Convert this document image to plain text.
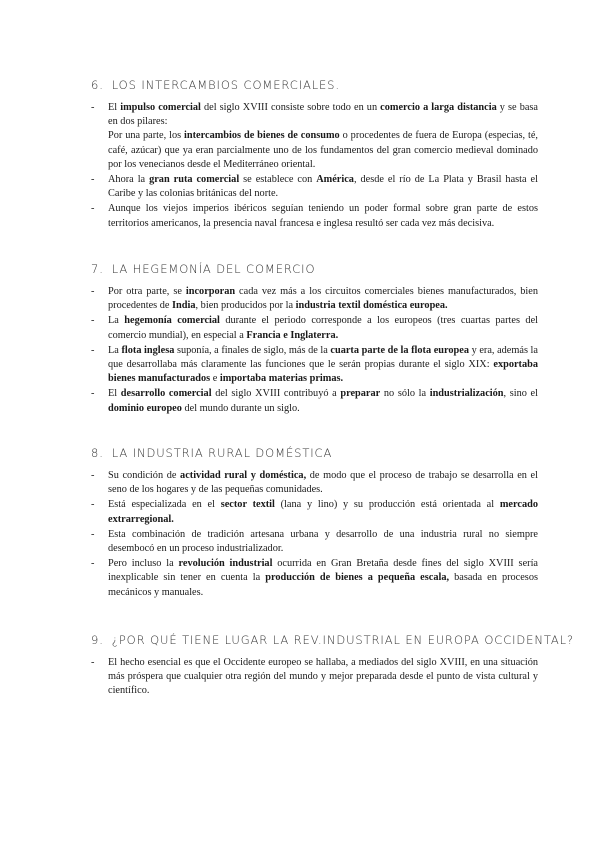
6. LOS INTERCAMBIOS COMERCIALES.
- El impulso comercial del siglo XVIII consiste sobre todo en un comercio a larga distancia y se basa en dos pilares:

Por una parte, los intercambios de bienes de consumo o procedentes de fuera de Europa (especias, té, café, azúcar) que ya eran parcialmente uno de los fundamentos del gran comercio medieval dominado por los venecianos desde el Mediterráneo oriental.

- Ahora la gran ruta comercial se establece con América, desde el río de La Plata y Brasil hasta el Caribe y las colonias británicas del norte.

- Aunque los viejos imperios ibéricos seguían teniendo un poder formal sobre gran parte de estos territorios americanos, la presencia naval francesa e inglesa resultó ser cada vez más decisiva.

7. LA HEGEMONÍA DEL COMERCIO
- Por otra parte, se incorporan cada vez más a los circuitos comerciales bienes manufacturados, bien procedentes de India, bien producidos por la industria textil doméstica europea.

- La hegemonía comercial durante el periodo corresponde a los europeos (tres cuartas partes del comercio mundial), en especial a Francia e Inglaterra.

- La flota inglesa suponía, a finales de siglo, más de la cuarta parte de la flota europea y era, además la que desarrollaba más claramente las funciones que le serán propias durante el siglo XIX: exportaba bienes manufacturados e importaba materias primas.

- El desarrollo comercial del siglo XVIII contribuyó a preparar no sólo la industrialización, sino el dominio europeo del mundo durante un siglo.

8. LA INDUSTRIA RURAL DOMÉSTICA
- Su condición de actividad rural y doméstica, de modo que el proceso de trabajo se desarrolla en el seno de los hogares y de las pequeñas comunidades.

- Está especializada en el sector textil (lana y lino) y su producción está orientada al mercado extrarregional.

- Esta combinación de tradición artesana urbana y desarrollo de una industria rural no siempre desembocó en un proceso industrializador.

- Pero incluso la revolución industrial ocurrida en Gran Bretaña desde fines del siglo XVIII sería inexplicable sin tener en cuenta la producción de bienes a pequeña escala, basada en procesos mecánicos y manuales.

9. ¿POR QUÉ TIENE LUGAR LA REV.INDUSTRIAL EN EUROPA OCCIDENTAL?
- El hecho esencial es que el Occidente europeo se hallaba, a mediados del siglo XVIII, en una situación más próspera que cualquier otra región del mundo y mejor preparada desde el punto de vista cultural y científico.
